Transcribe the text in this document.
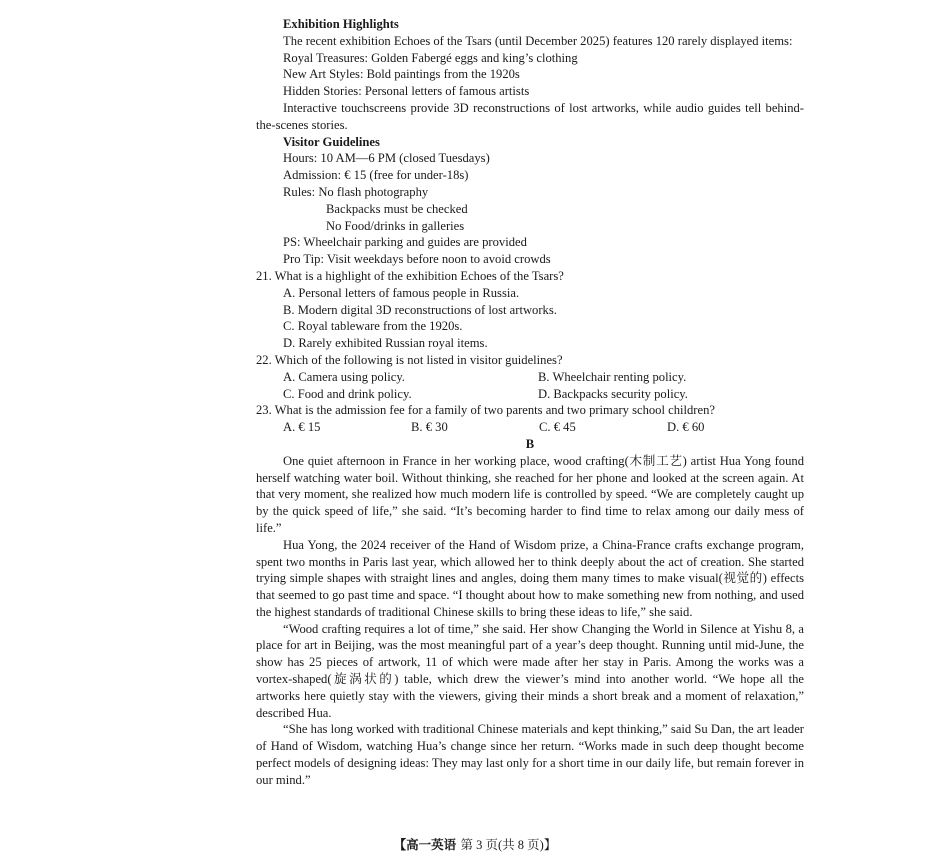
Exhibition Highlights
The recent exhibition Echoes of the Tsars (until December 2025) features 120 rarely displayed items:
Royal Treasures: Golden Fabergé eggs and king’s clothing
New Art Styles: Bold paintings from the 1920s
Hidden Stories: Personal letters of famous artists
Interactive touchscreens provide 3D reconstructions of lost artworks, while audio guides tell behind-the-scenes stories.
Visitor Guidelines
Hours: 10 AM—6 PM (closed Tuesdays)
Admission: € 15 (free for under-18s)
Rules: No flash photography
Backpacks must be checked
No Food/drinks in galleries
PS: Wheelchair parking and guides are provided
Pro Tip: Visit weekdays before noon to avoid crowds
21. What is a highlight of the exhibition Echoes of the Tsars?
A. Personal letters of famous people in Russia.
B. Modern digital 3D reconstructions of lost artworks.
C. Royal tableware from the 1920s.
D. Rarely exhibited Russian royal items.
22. Which of the following is not listed in visitor guidelines?
A. Camera using policy.	B. Wheelchair renting policy.
C. Food and drink policy.	D. Backpacks security policy.
23. What is the admission fee for a family of two parents and two primary school children?
A. € 15	B. € 30	C. € 45	D. € 60
B
One quiet afternoon in France in her working place, wood crafting(木制工艺) artist Hua Yong found herself watching water boil. Without thinking, she reached for her phone and looked at the screen again. At that very moment, she realized how much modern life is controlled by speed. “We are completely caught up by the quick speed of life,” she said. “It’s becoming harder to find time to relax among our daily mess of life.”
Hua Yong, the 2024 receiver of the Hand of Wisdom prize, a China-France crafts exchange program, spent two months in Paris last year, which allowed her to think deeply about the act of creation. She started trying simple shapes with straight lines and angles, doing them many times to make visual(视觉的) effects that seemed to go past time and space. “I thought about how to make something new from nothing, and used the highest standards of traditional Chinese skills to bring these ideas to life,” she said.
“Wood crafting requires a lot of time,” she said. Her show Changing the World in Silence at Yishu 8, a place for art in Beijing, was the most meaningful part of a year’s deep thought. Running until mid-June, the show has 25 pieces of artwork, 11 of which were made after her stay in Paris. Among the works was a vortex-shaped(旋涡状的) table, which drew the viewer’s mind into another world. “We hope all the artworks here quietly stay with the viewers, giving their minds a short break and a moment of relaxation,” described Hua.
“She has long worked with traditional Chinese materials and kept thinking,” said Su Dan, the art leader of Hand of Wisdom, watching Hua’s change since her return. “Works made in such deep thought become perfect models of designing ideas: They may last only for a short time in our daily life, but remain forever in our mind.”
【高一英语 第 3 页(共 8 页)】
